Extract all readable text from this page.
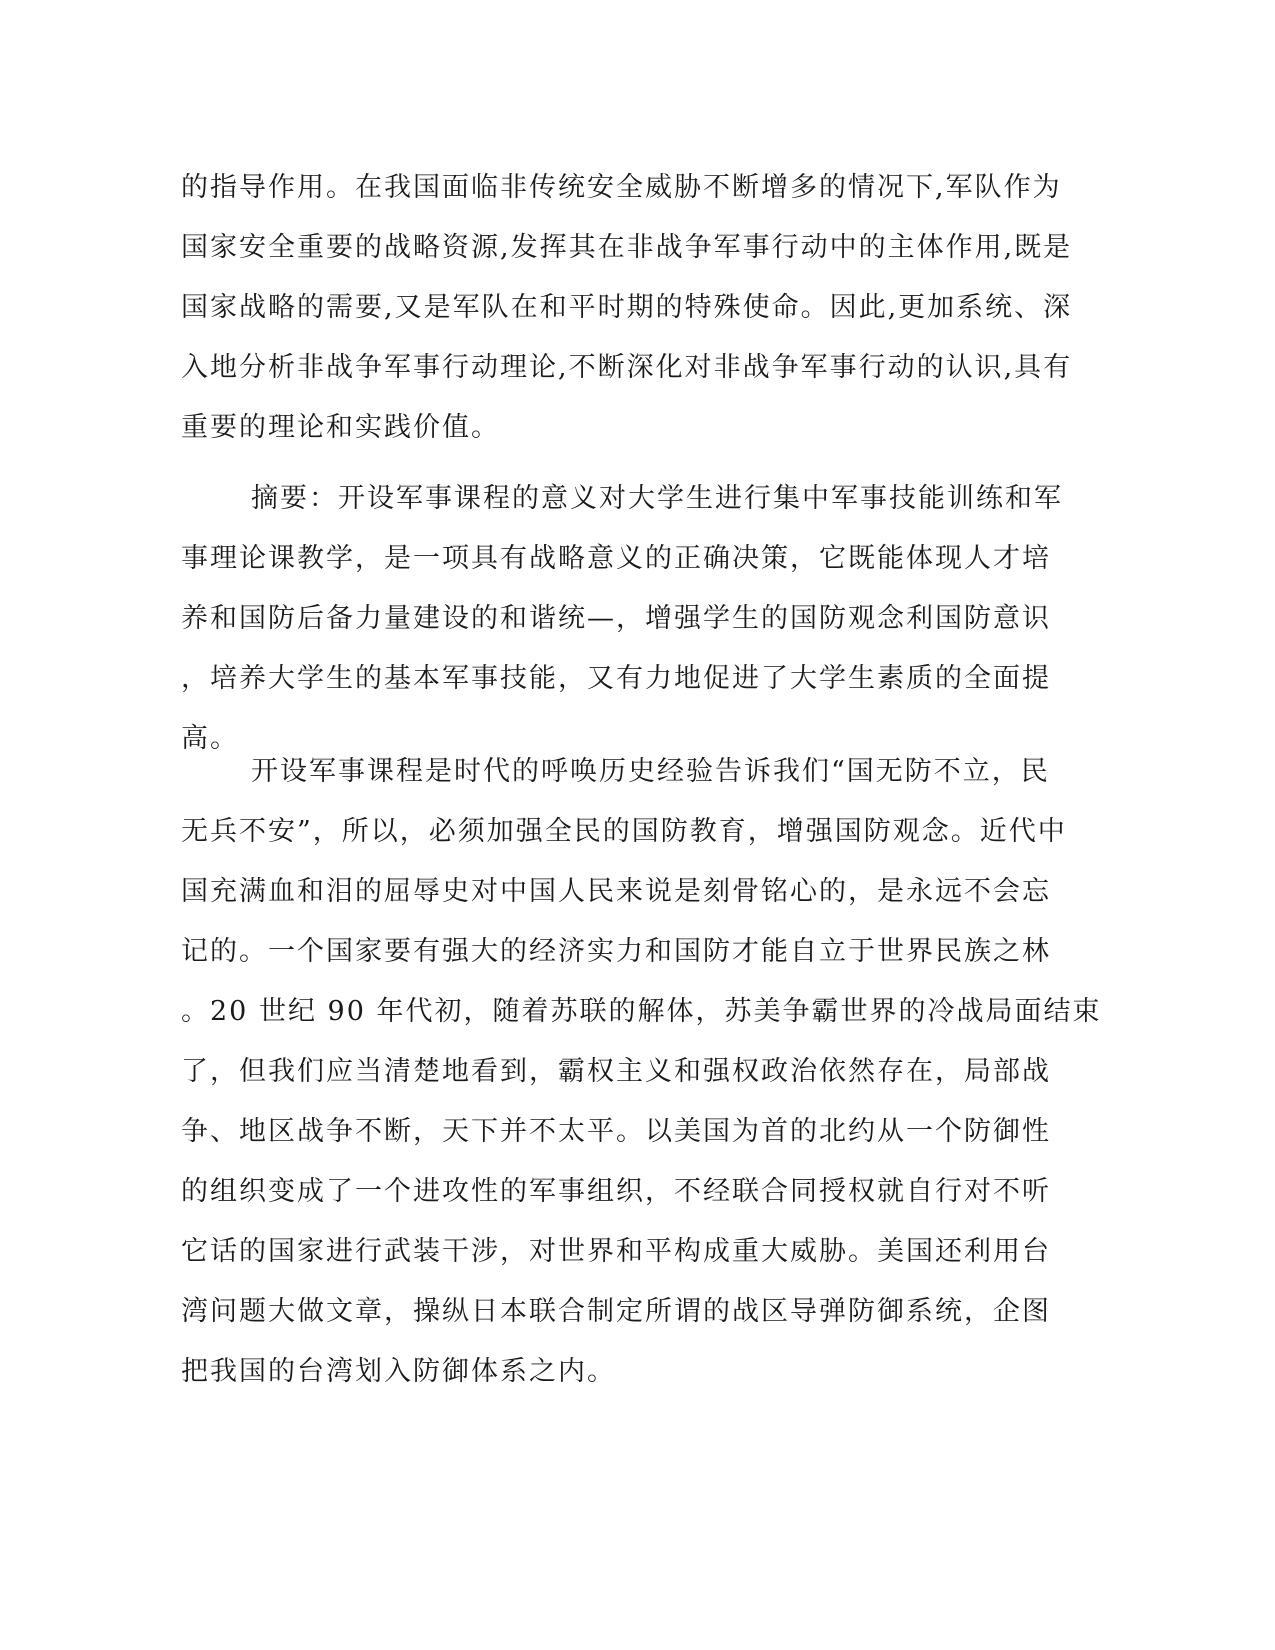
的指导作用。在我国面临非传统安全威胁不断增多的情况下,军队作为
国家安全重要的战略资源,发挥其在非战争军事行动中的主体作用,既是
国家战略的需要,又是军队在和平时期的特殊使命。因此,更加系统、深
入地分析非战争军事行动理论,不断深化对非战争军事行动的认识,具有
重要的理论和实践价值。
摘要：开设军事课程的意义对大学生进行集中军事技能训练和军
事理论课教学，是一项具有战略意义的正确决策，它既能体现人才培
养和国防后备力量建设的和谐统—，增强学生的国防观念利国防意识
，培养大学生的基本军事技能，又有力地促进了大学生素质的全面提
高。
开设军事课程是时代的呼唤历史经验告诉我们“国无防不立，民
无兵不安”，所以，必须加强全民的国防教育，增强国防观念。近代中
国充满血和泪的屈辱史对中国人民来说是刻骨铭心的，是永远不会忘
记的。一个国家要有强大的经济实力和国防才能自立于世界民族之林
。20 世纪 90 年代初，随着苏联的解体，苏美争霸世界的冷战局面结束
了，但我们应当清楚地看到，霸权主义和强权政治依然存在，局部战
争、地区战争不断，天下并不太平。以美国为首的北约从一个防御性
的组织变成了一个进攻性的军事组织，不经联合同授权就自行对不听
它话的国家进行武装干涉，对世界和平构成重大威胁。美国还利用台
湾问题大做文章，操纵日本联合制定所谓的战区导弹防御系统，企图
把我国的台湾划入防御体系之内。
